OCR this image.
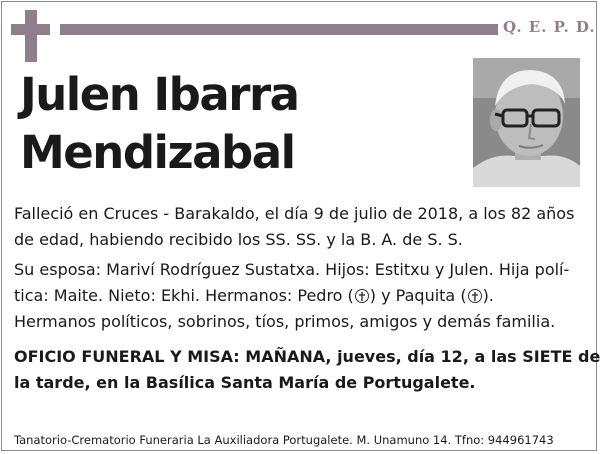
Q. E. P. D.
Julen Ibarra
Mendizabal
Falleció en Cruces - Barakaldo, el día 9 de julio de 2018, a los 82 años
de edad, habiendo recibido los SS. SS. y la B. A. de S. S.
Su esposa: Mariví Rodríguez Sustatxa. Hijos: Estitxu y Julen. Hija polí-
tica: Maite. Nieto: Ekhi. Hermanos: Pedro ( ) y Paquita ( ).
Hermanos políticos, sobrinos, tíos, primos, amigos y demás familia.
OFICIO FUNERAL Y MISA: MAÑANA, jueves, día 12, a las SIETE de
la tarde, en la Basílica Santa María de Portugalete.
Tanatorio-Crematorio Funeraria La Auxiliadora Portugalete. M. Unamuno 14. Tfno: 944961743
